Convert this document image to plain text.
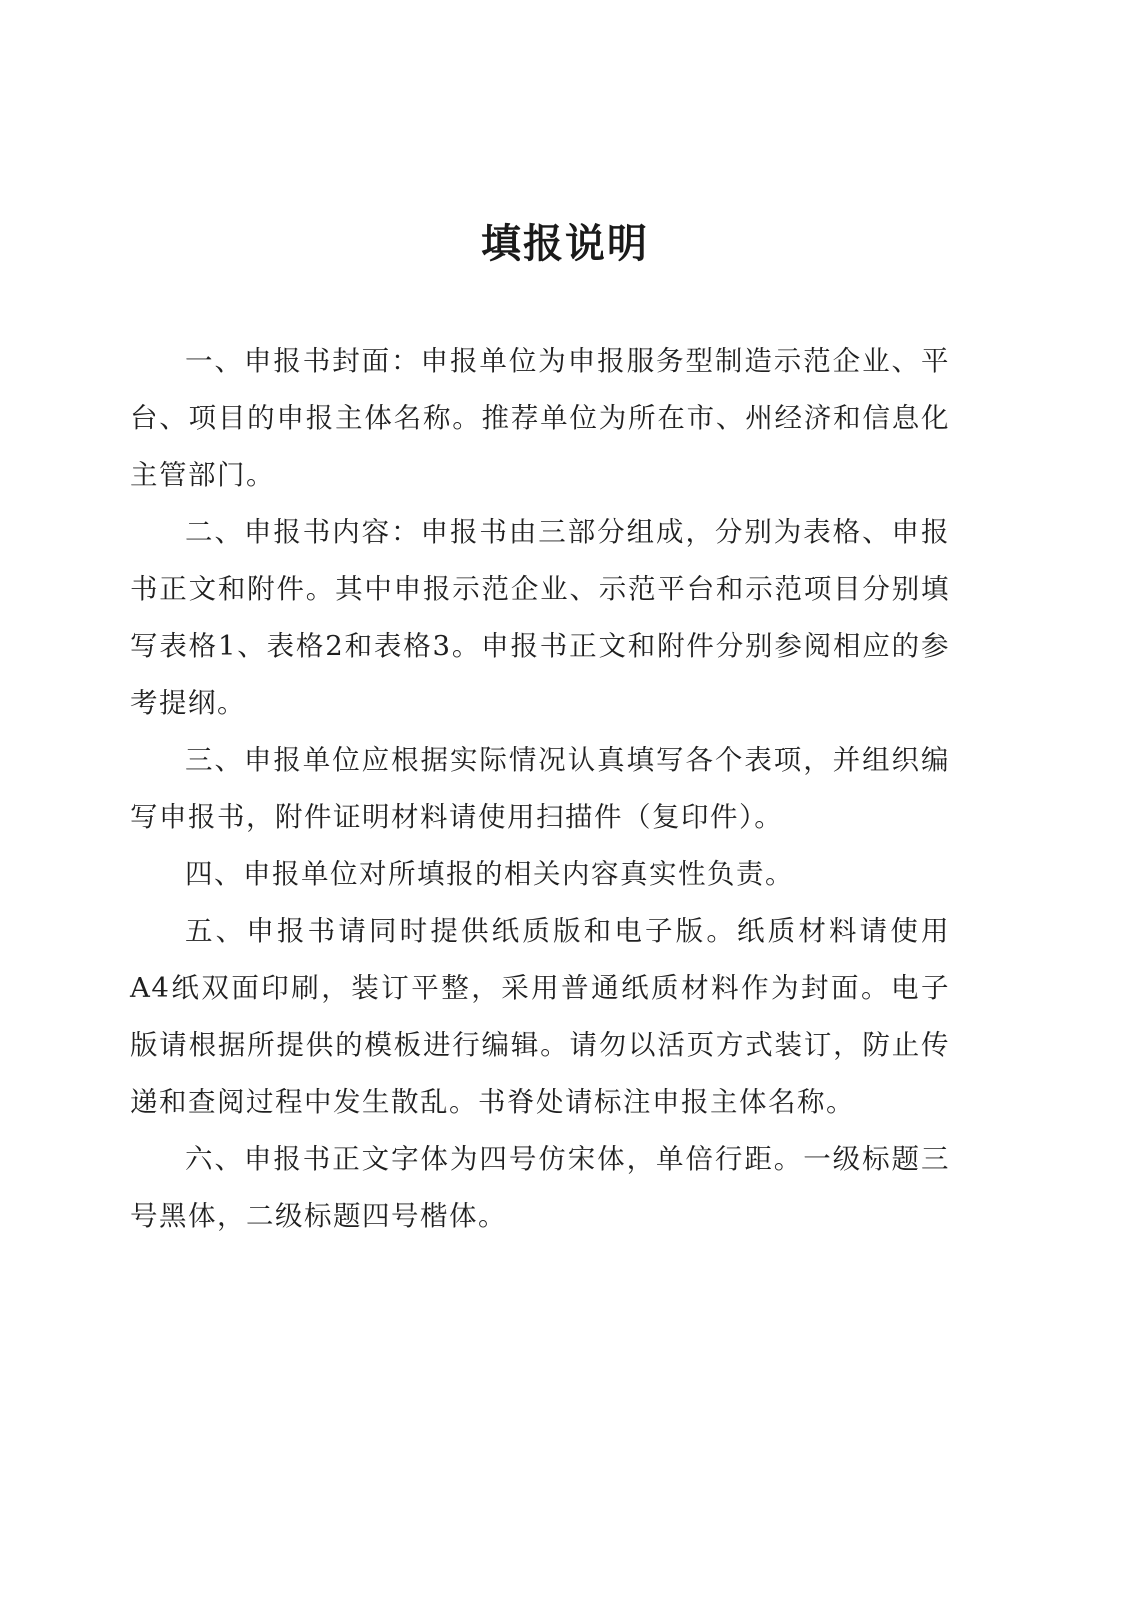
填报说明

一、申报书封面：申报单位为申报服务型制造示范企业、平台、项目的申报主体名称。推荐单位为所在市、州经济和信息化主管部门。

二、申报书内容：申报书由三部分组成，分别为表格、申报书正文和附件。其中申报示范企业、示范平台和示范项目分别填写表格1、表格2和表格3。申报书正文和附件分别参阅相应的参考提纲。

三、申报单位应根据实际情况认真填写各个表项，并组织编写申报书，附件证明材料请使用扫描件（复印件）。

四、申报单位对所填报的相关内容真实性负责。

五、申报书请同时提供纸质版和电子版。纸质材料请使用A4纸双面印刷，装订平整，采用普通纸质材料作为封面。电子版请根据所提供的模板进行编辑。请勿以活页方式装订，防止传递和查阅过程中发生散乱。书脊处请标注申报主体名称。

六、申报书正文字体为四号仿宋体，单倍行距。一级标题三号黑体，二级标题四号楷体。
